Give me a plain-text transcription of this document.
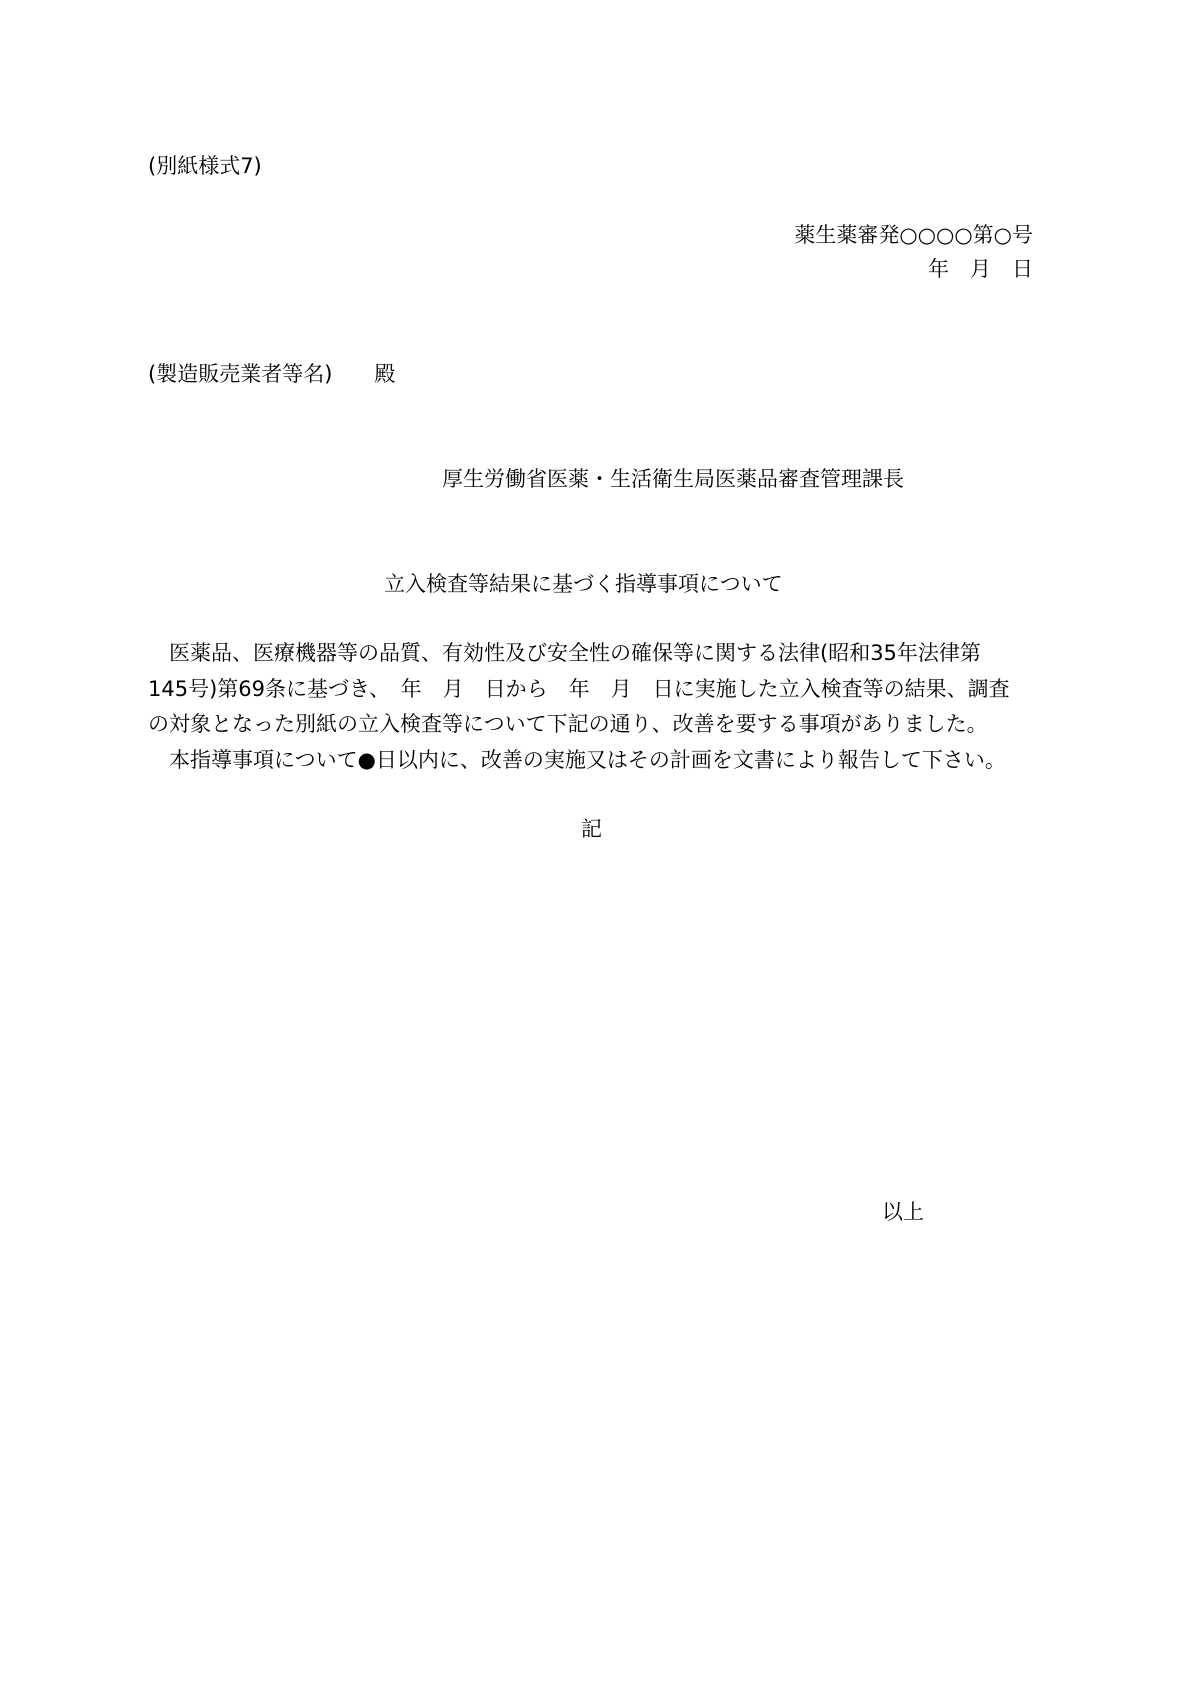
(別紙様式7)
薬生薬審発○○○○第○号
年　月　日
(製造販売業者等名) 殿
厚生労働省医薬・生活衛生局医薬品審査管理課長
立入検査等結果に基づく指導事項について
　医薬品、医療機器等の品質、有効性及び安全性の確保等に関する法律(昭和35年法律第
145号)第69条に基づき、　年　月　日から　年　月　日に実施した立入検査等の結果、調査
の対象となった別紙の立入検査等について下記の通り、改善を要する事項がありました。
　本指導事項について●日以内に、改善の実施又はその計画を文書により報告して下さい。
記
以上
